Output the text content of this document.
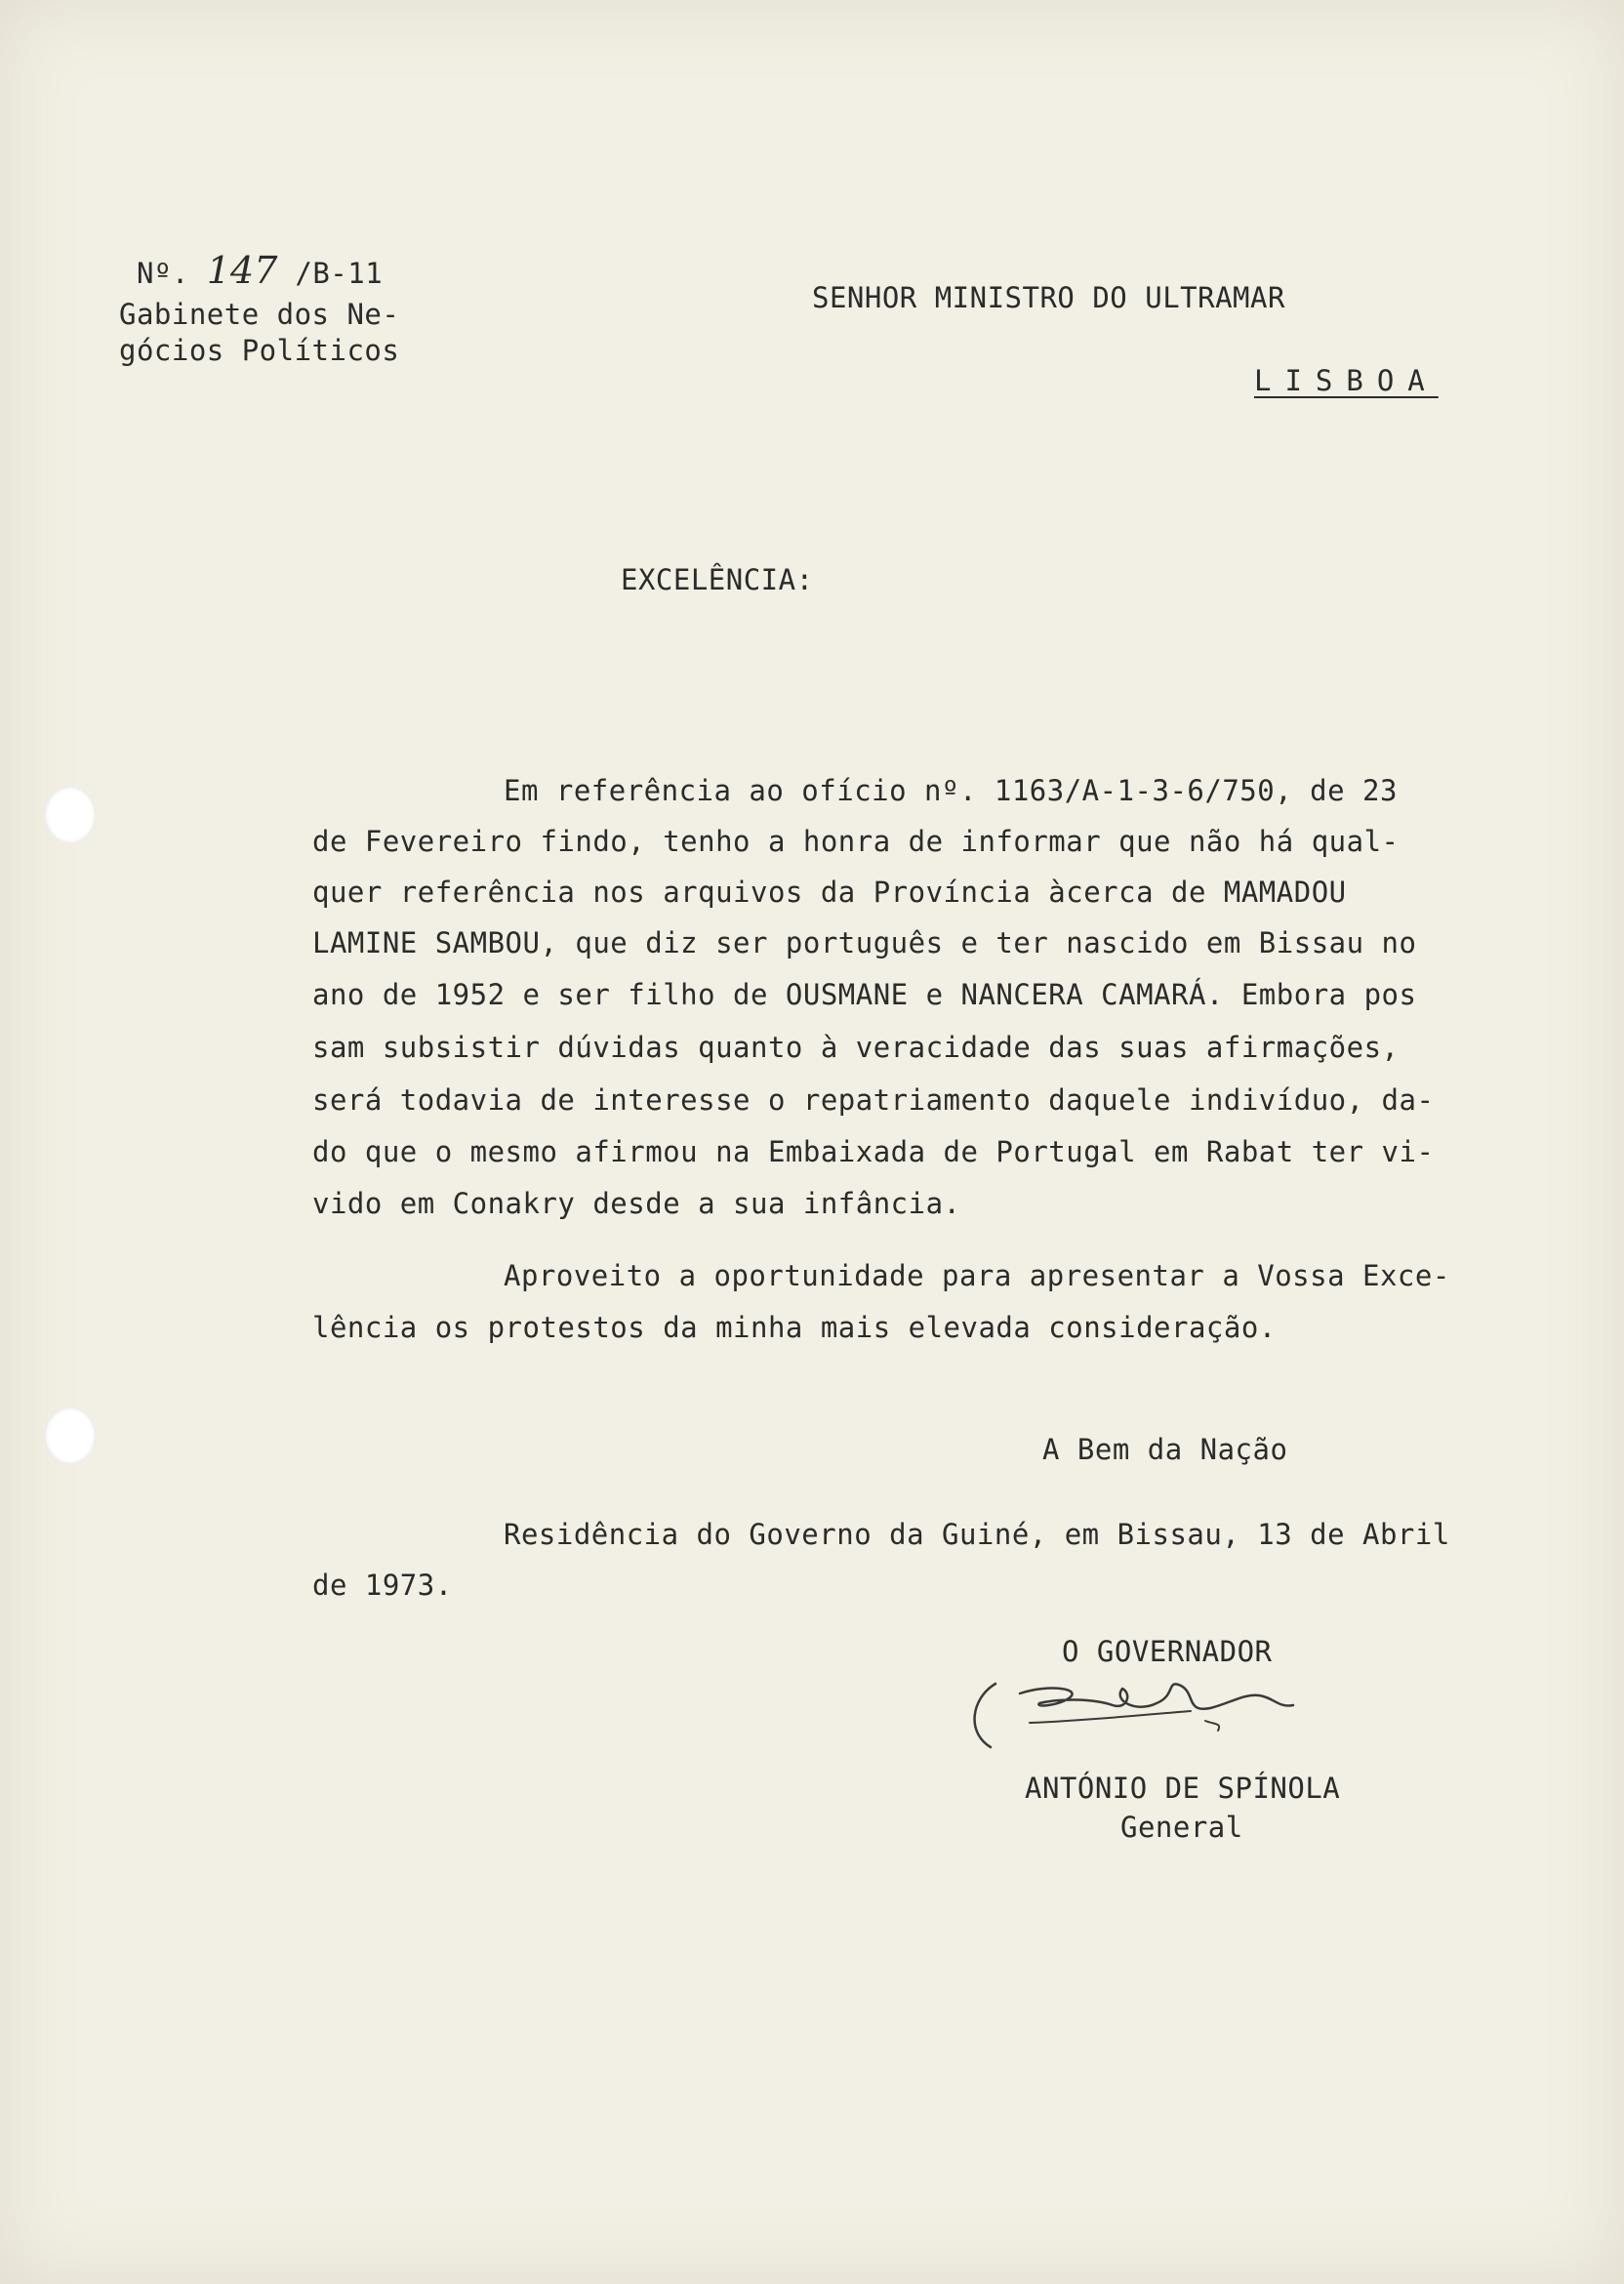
Nº. 147 /B-11
Gabinete dos Ne-
gócios Políticos
SENHOR MINISTRO DO ULTRAMAR
LISBOA
EXCELÊNCIA:
Em referência ao ofício nº. 1163/A-1-3-6/750, de 23
de Fevereiro findo, tenho a honra de informar que não há qual-
quer referência nos arquivos da Província àcerca de MAMADOU
LAMINE SAMBOU, que diz ser português e ter nascido em Bissau no
ano de 1952 e ser filho de OUSMANE e NANCERA CAMARÁ. Embora pos
sam subsistir dúvidas quanto à veracidade das suas afirmações,
será todavia de interesse o repatriamento daquele indivíduo, da-
do que o mesmo afirmou na Embaixada de Portugal em Rabat ter vi-
vido em Conakry desde a sua infância.
Aproveito a oportunidade para apresentar a Vossa Exce-
lência os protestos da minha mais elevada consideração.
A Bem da Nação
Residência do Governo da Guiné, em Bissau, 13 de Abril
de 1973.
O GOVERNADOR
ANTÓNIO DE SPÍNOLA
General
